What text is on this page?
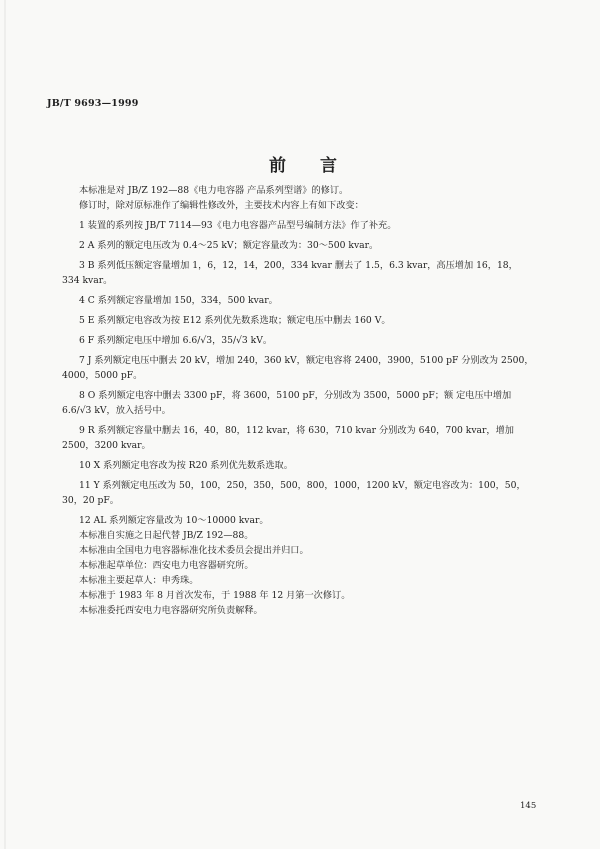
JB/T 9693—1999
前 言
本标准是对 JB/Z 192—88《电力电容器 产品系列型谱》的修订。
修订时，除对原标准作了编辑性修改外，主要技术内容上有如下改变：
1 装置的系列按 JB/T 7114—93《电力电容器产品型号编制方法》作了补充。
2 A 系列的额定电压改为 0.4～25 kV；额定容量改为：30～500 kvar。
3 B 系列低压额定容量增加 1，6，12，14，200，334 kvar 删去了 1.5，6.3 kvar，高压增加 16，18，
334 kvar。
4 C 系列额定容量增加 150，334，500 kvar。
5 E 系列额定电容改为按 E12 系列优先数系选取；额定电压中删去 160 V。
6 F 系列额定电压中增加 6.6/√3，35/√3 kV。
7 J 系列额定电压中删去 20 kV，增加 240，360 kV，额定电容将 2400，3900，5100 pF 分别改为 2500，
4000，5000 pF。
8 O 系列额定电容中删去 3300 pF，将 3600，5100 pF，分别改为 3500，5000 pF；额 定电压中增加
6.6/√3 kV，放入括号中。
9 R 系列额定容量中删去 16，40，80，112 kvar，将 630，710 kvar 分别改为 640，700 kvar，增加
2500，3200 kvar。
10 X 系列额定电容改为按 R20 系列优先数系选取。
11 Y 系列额定电压改为 50，100，250，350，500，800，1000，1200 kV，额定电容改为：100，50，
30，20 pF。
12 AL 系列额定容量改为 10～10000 kvar。
本标准自实施之日起代替 JB/Z 192—88。
本标准由全国电力电容器标准化技术委员会提出并归口。
本标准起草单位：西安电力电容器研究所。
本标准主要起草人：申秀珠。
本标准于 1983 年 8 月首次发布，于 1988 年 12 月第一次修订。
本标准委托西安电力电容器研究所负责解释。
145
